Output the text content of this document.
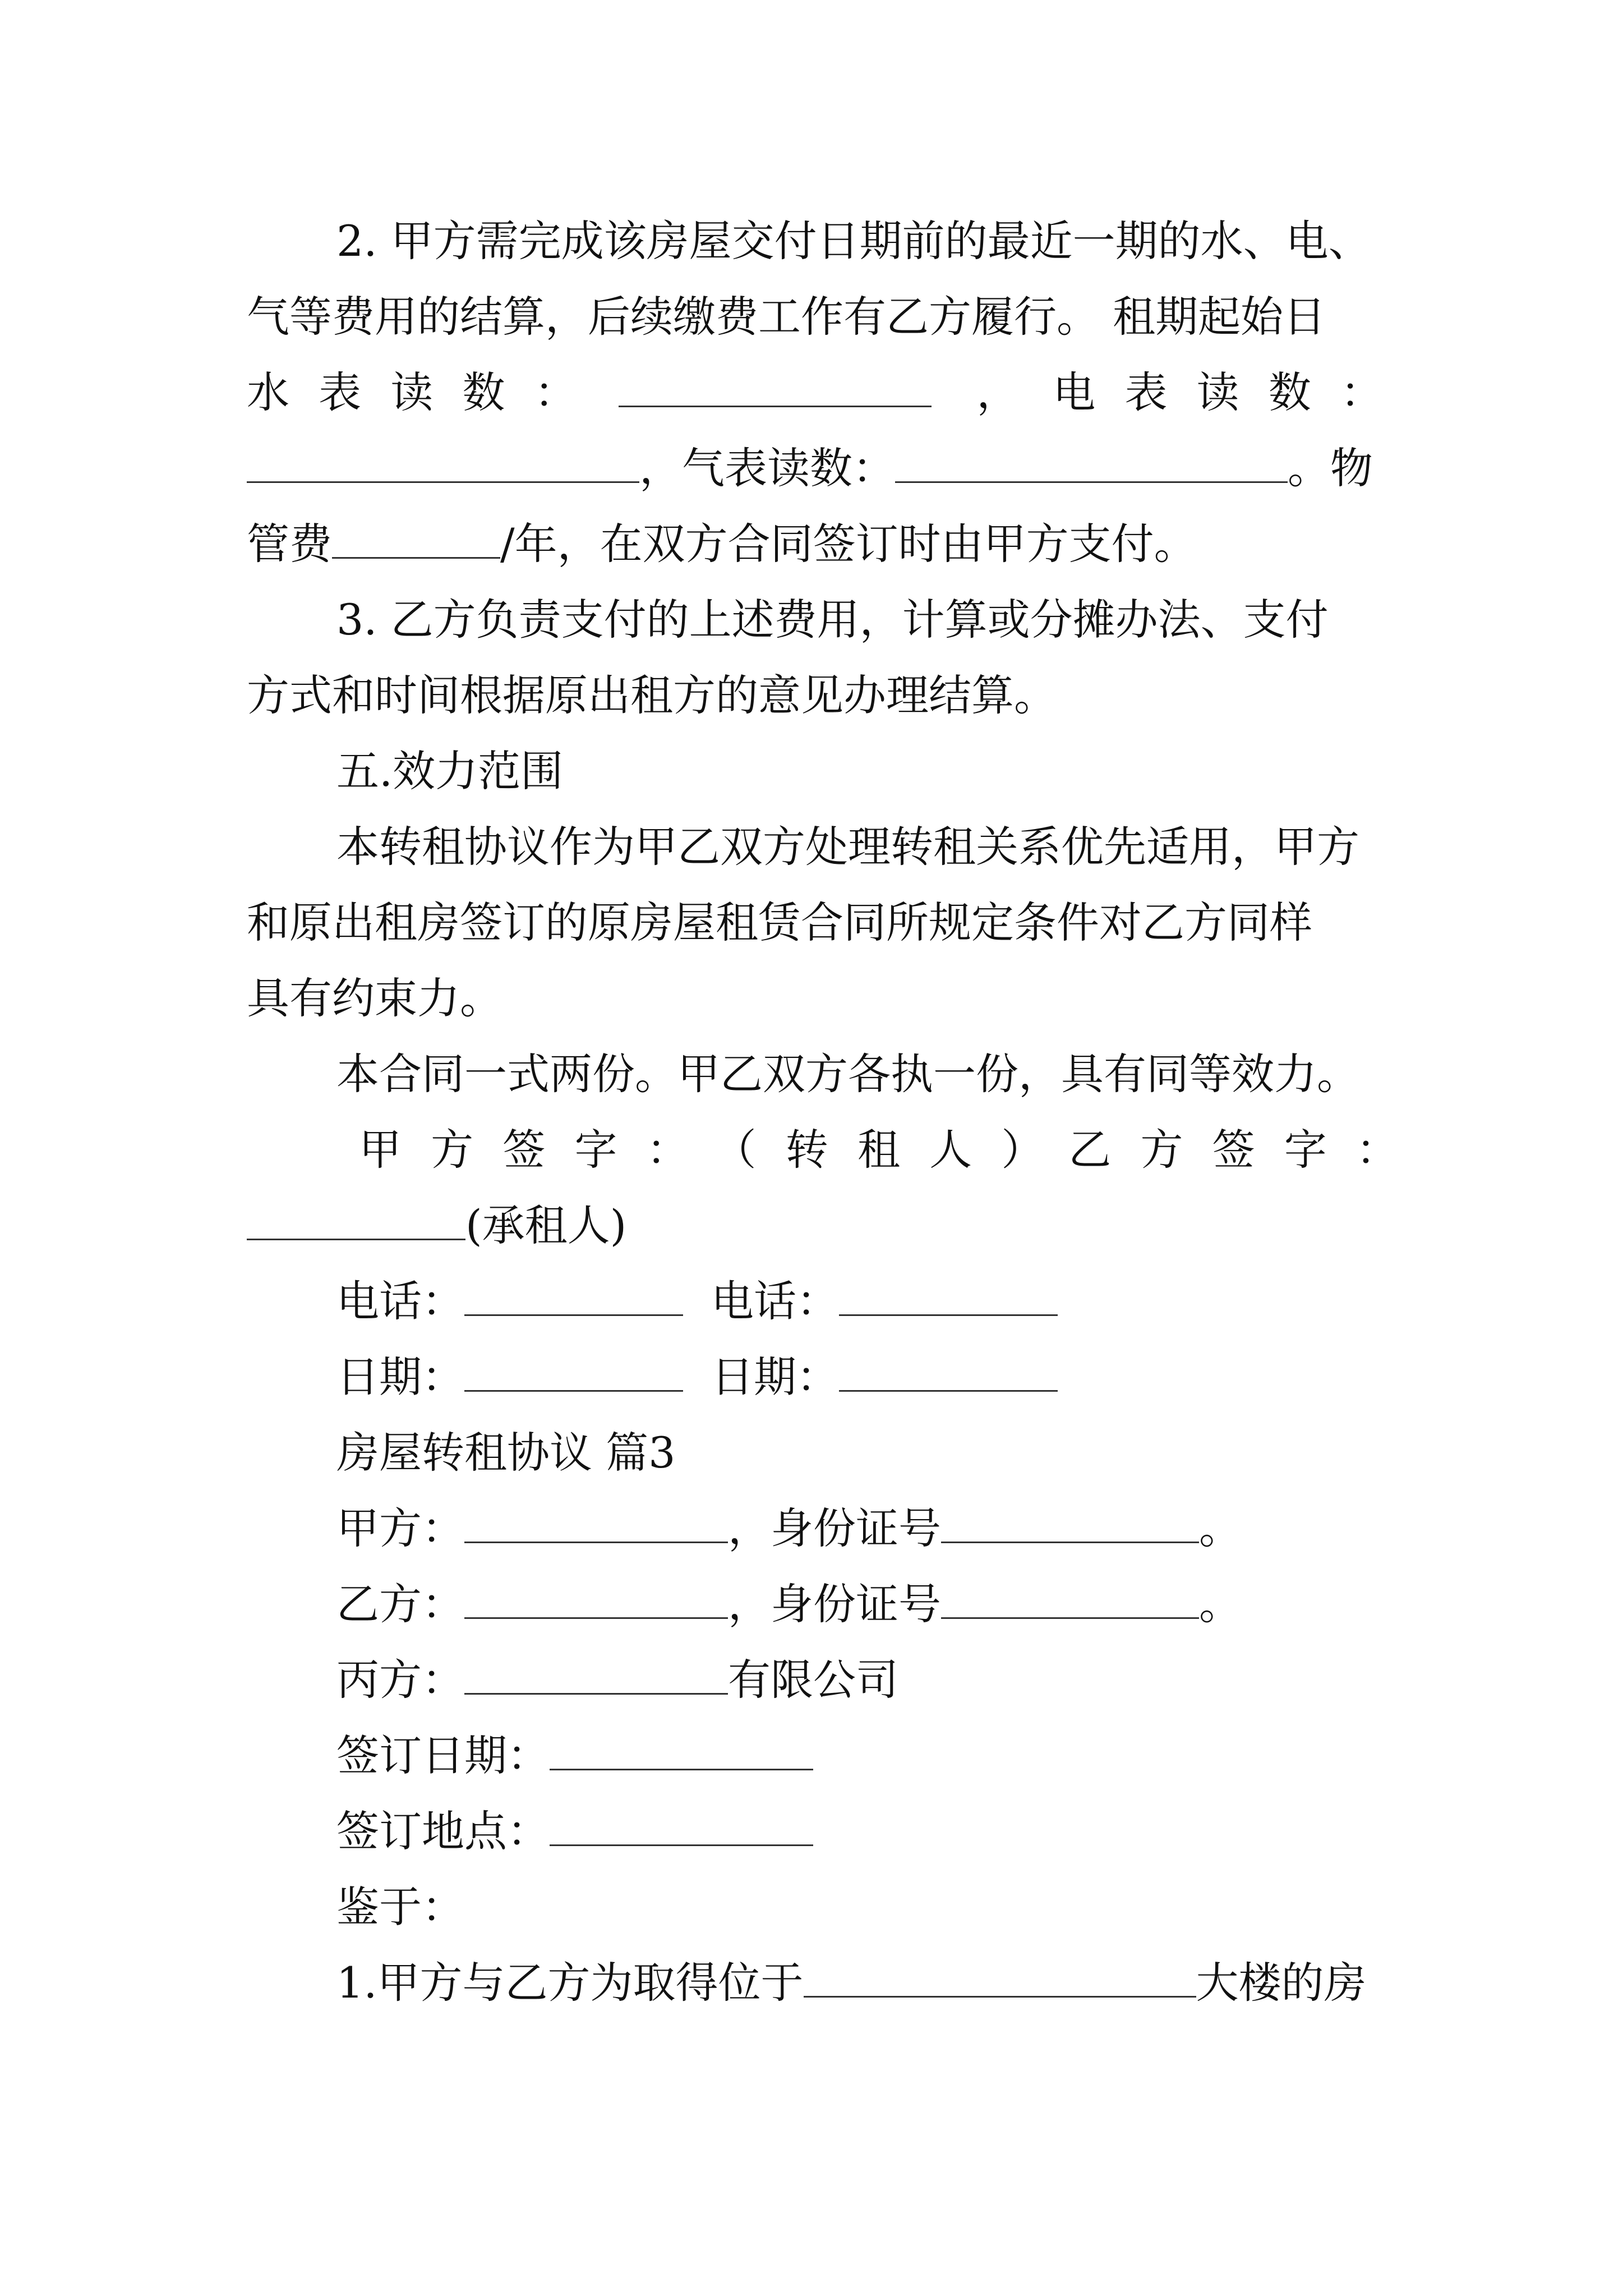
2. 甲方需完成该房屋交付日期前的最近一期的水、电、
气等费用的结算，后续缴费工作有乙方履行。 租期起始日
水 表 读 数 ：	， 电 表 读 数 ：
，气表读数：	。物
管费	/年，在双方合同签订时由甲方支付。
3. 乙方负责支付的上述费用，计算或分摊办法、支付
方式和时间根据原出租方的意见办理结算。
五.效力范围
本转租协议作为甲乙双方处理转租关系优先适用，甲方
和原出租房签订的原房屋租赁合同所规定条件对乙方同样
具有约束力。
本合同一式两份。甲乙双方各执一份，具有同等效力。
甲 方 签 字 ： （ 转 租 人 ） 乙 方 签 字 ：
(承租人)
电话：	电话：
日期：	日期：
房屋转租协议 篇3
甲方：	，身份证号	。
乙方：	，身份证号	。
丙方：	有限公司
签订日期：
签订地点：
鉴于：
1.甲方与乙方为取得位于	大楼的房
